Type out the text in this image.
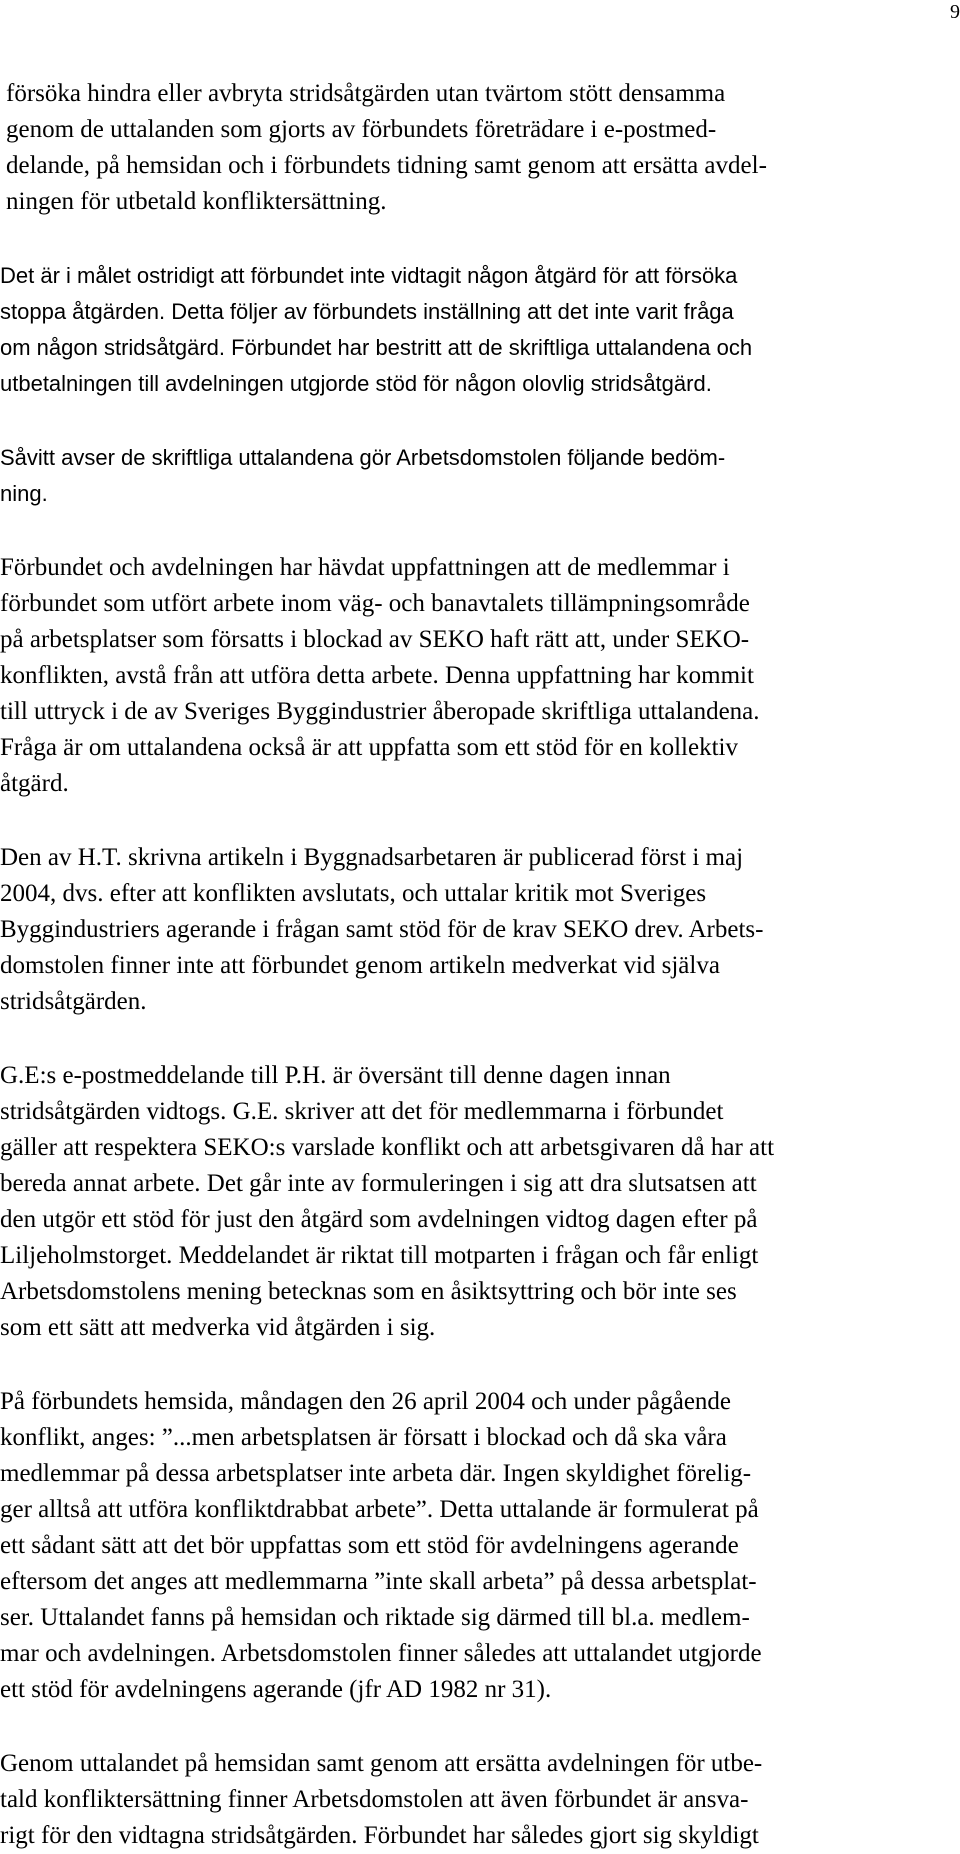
9
försöka hindra eller avbryta stridsåtgärden utan tvärtom stött densamma
genom de uttalanden som gjorts av förbundets företrädare i e-postmed-
delande, på hemsidan och i förbundets tidning samt genom att ersätta avdel-
ningen för utbetald konfliktersättning.
Det är i målet ostridigt att förbundet inte vidtagit någon åtgärd för att försöka
stoppa åtgärden. Detta följer av förbundets inställning att det inte varit fråga
om någon stridsåtgärd. Förbundet har bestritt att de skriftliga uttalandena och
utbetalningen till avdelningen utgjorde stöd för någon olovlig stridsåtgärd.
Såvitt avser de skriftliga uttalandena gör Arbetsdomstolen följande bedöm-
ning.
Förbundet och avdelningen har hävdat uppfattningen att de medlemmar i
förbundet som utfört arbete inom väg- och banavtalets tillämpningsområde
på arbetsplatser som försatts i blockad av SEKO haft rätt att, under SEKO-
konflikten, avstå från att utföra detta arbete. Denna uppfattning har kommit
till uttryck i de av Sveriges Byggindustrier åberopade skriftliga uttalandena.
Fråga är om uttalandena också är att uppfatta som ett stöd för en kollektiv
åtgärd.
Den av H.T. skrivna artikeln i Byggnadsarbetaren är publicerad först i maj
2004, dvs. efter att konflikten avslutats, och uttalar kritik mot Sveriges
Byggindustriers agerande i frågan samt stöd för de krav SEKO drev. Arbets-
domstolen finner inte att förbundet genom artikeln medverkat vid själva
stridsåtgärden.
G.E:s e-postmeddelande till P.H. är översänt till denne dagen innan
stridsåtgärden vidtogs. G.E. skriver att det för medlemmarna i förbundet
gäller att respektera SEKO:s varslade konflikt och att arbetsgivaren då har att
bereda annat arbete. Det går inte av formuleringen i sig att dra slutsatsen att
den utgör ett stöd för just den åtgärd som avdelningen vidtog dagen efter på
Liljeholmstorget. Meddelandet är riktat till motparten i frågan och får enligt
Arbetsdomstolens mening betecknas som en åsiktsyttring och bör inte ses
som ett sätt att medverka vid åtgärden i sig.
På förbundets hemsida, måndagen den 26 april 2004 och under pågående
konflikt, anges: ”...men arbetsplatsen är försatt i blockad och då ska våra
medlemmar på dessa arbetsplatser inte arbeta där. Ingen skyldighet förelig-
ger alltså att utföra konfliktdrabbat arbete”. Detta uttalande är formulerat på
ett sådant sätt att det bör uppfattas som ett stöd för avdelningens agerande
eftersom det anges att medlemmarna ”inte skall arbeta” på dessa arbetsplat-
ser. Uttalandet fanns på hemsidan och riktade sig därmed till bl.a. medlem-
mar och avdelningen. Arbetsdomstolen finner således att uttalandet utgjorde
ett stöd för avdelningens agerande (jfr AD 1982 nr 31).
Genom uttalandet på hemsidan samt genom att ersätta avdelningen för utbe-
tald konfliktersättning finner Arbetsdomstolen att även förbundet är ansva-
rigt för den vidtagna stridsåtgärden. Förbundet har således gjort sig skyldigt
